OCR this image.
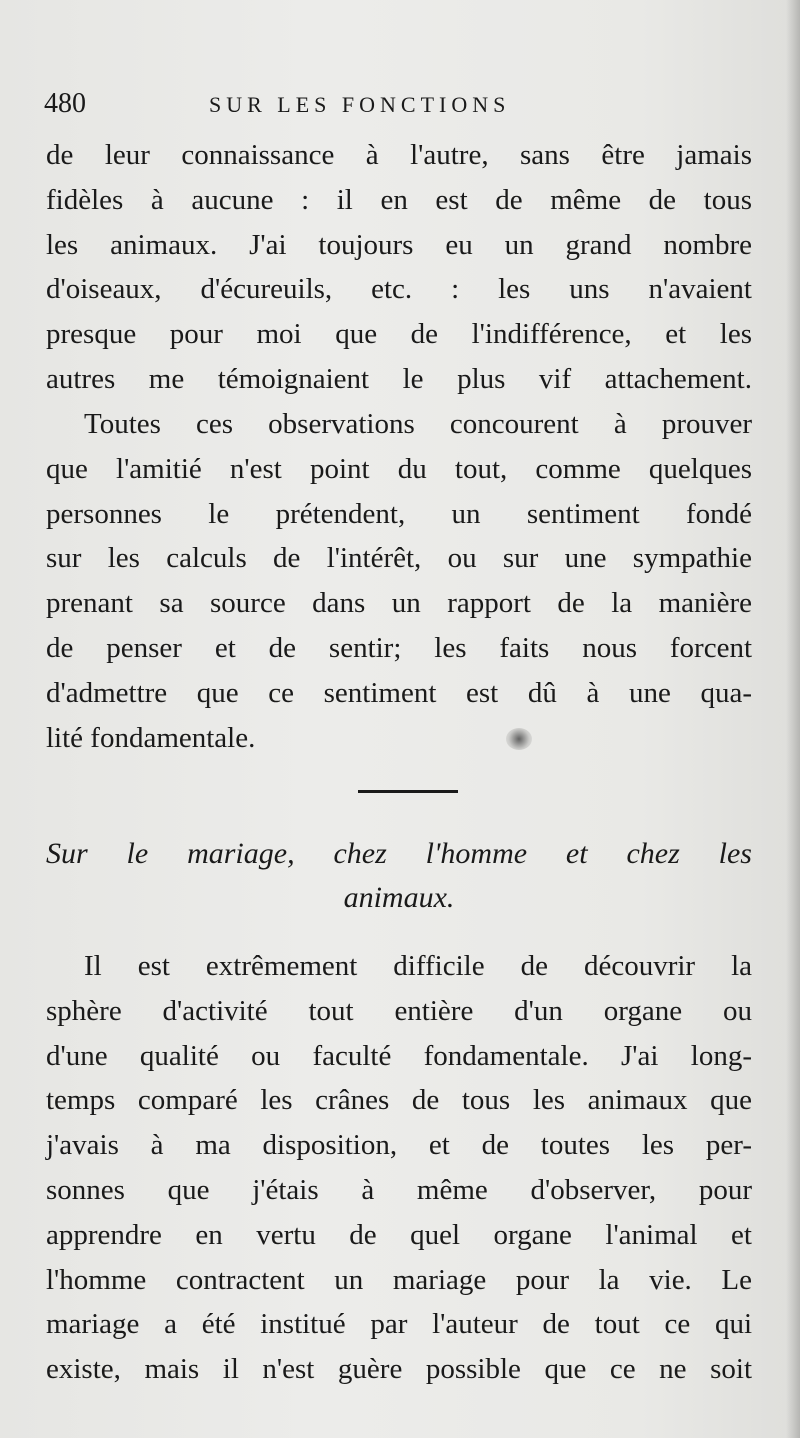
480	SUR LES FONCTIONS
de leur connaissance à l'autre, sans être jamais
fidèles à aucune : il en est de même de tous
les animaux. J'ai toujours eu un grand nombre
d'oiseaux, d'écureuils, etc. : les uns n'avaient
presque pour moi que de l'indifférence, et les
autres me témoignaient le plus vif attachement.
Toutes ces observations concourent à prouver
que l'amitié n'est point du tout, comme quelques
personnes le prétendent, un sentiment fondé
sur les calculs de l'intérêt, ou sur une sympathie
prenant sa source dans un rapport de la manière
de penser et de sentir; les faits nous forcent
d'admettre que ce sentiment est dû à une qua-
lité fondamentale.
Sur le mariage, chez l'homme et chez les
animaux.
Il est extrêmement difficile de découvrir la
sphère d'activité tout entière d'un organe ou
d'une qualité ou faculté fondamentale. J'ai long-
temps comparé les crânes de tous les animaux que
j'avais à ma disposition, et de toutes les per-
sonnes que j'étais à même d'observer, pour
apprendre en vertu de quel organe l'animal et
l'homme contractent un mariage pour la vie. Le
mariage a été institué par l'auteur de tout ce qui
existe, mais il n'est guère possible que ce ne soit
